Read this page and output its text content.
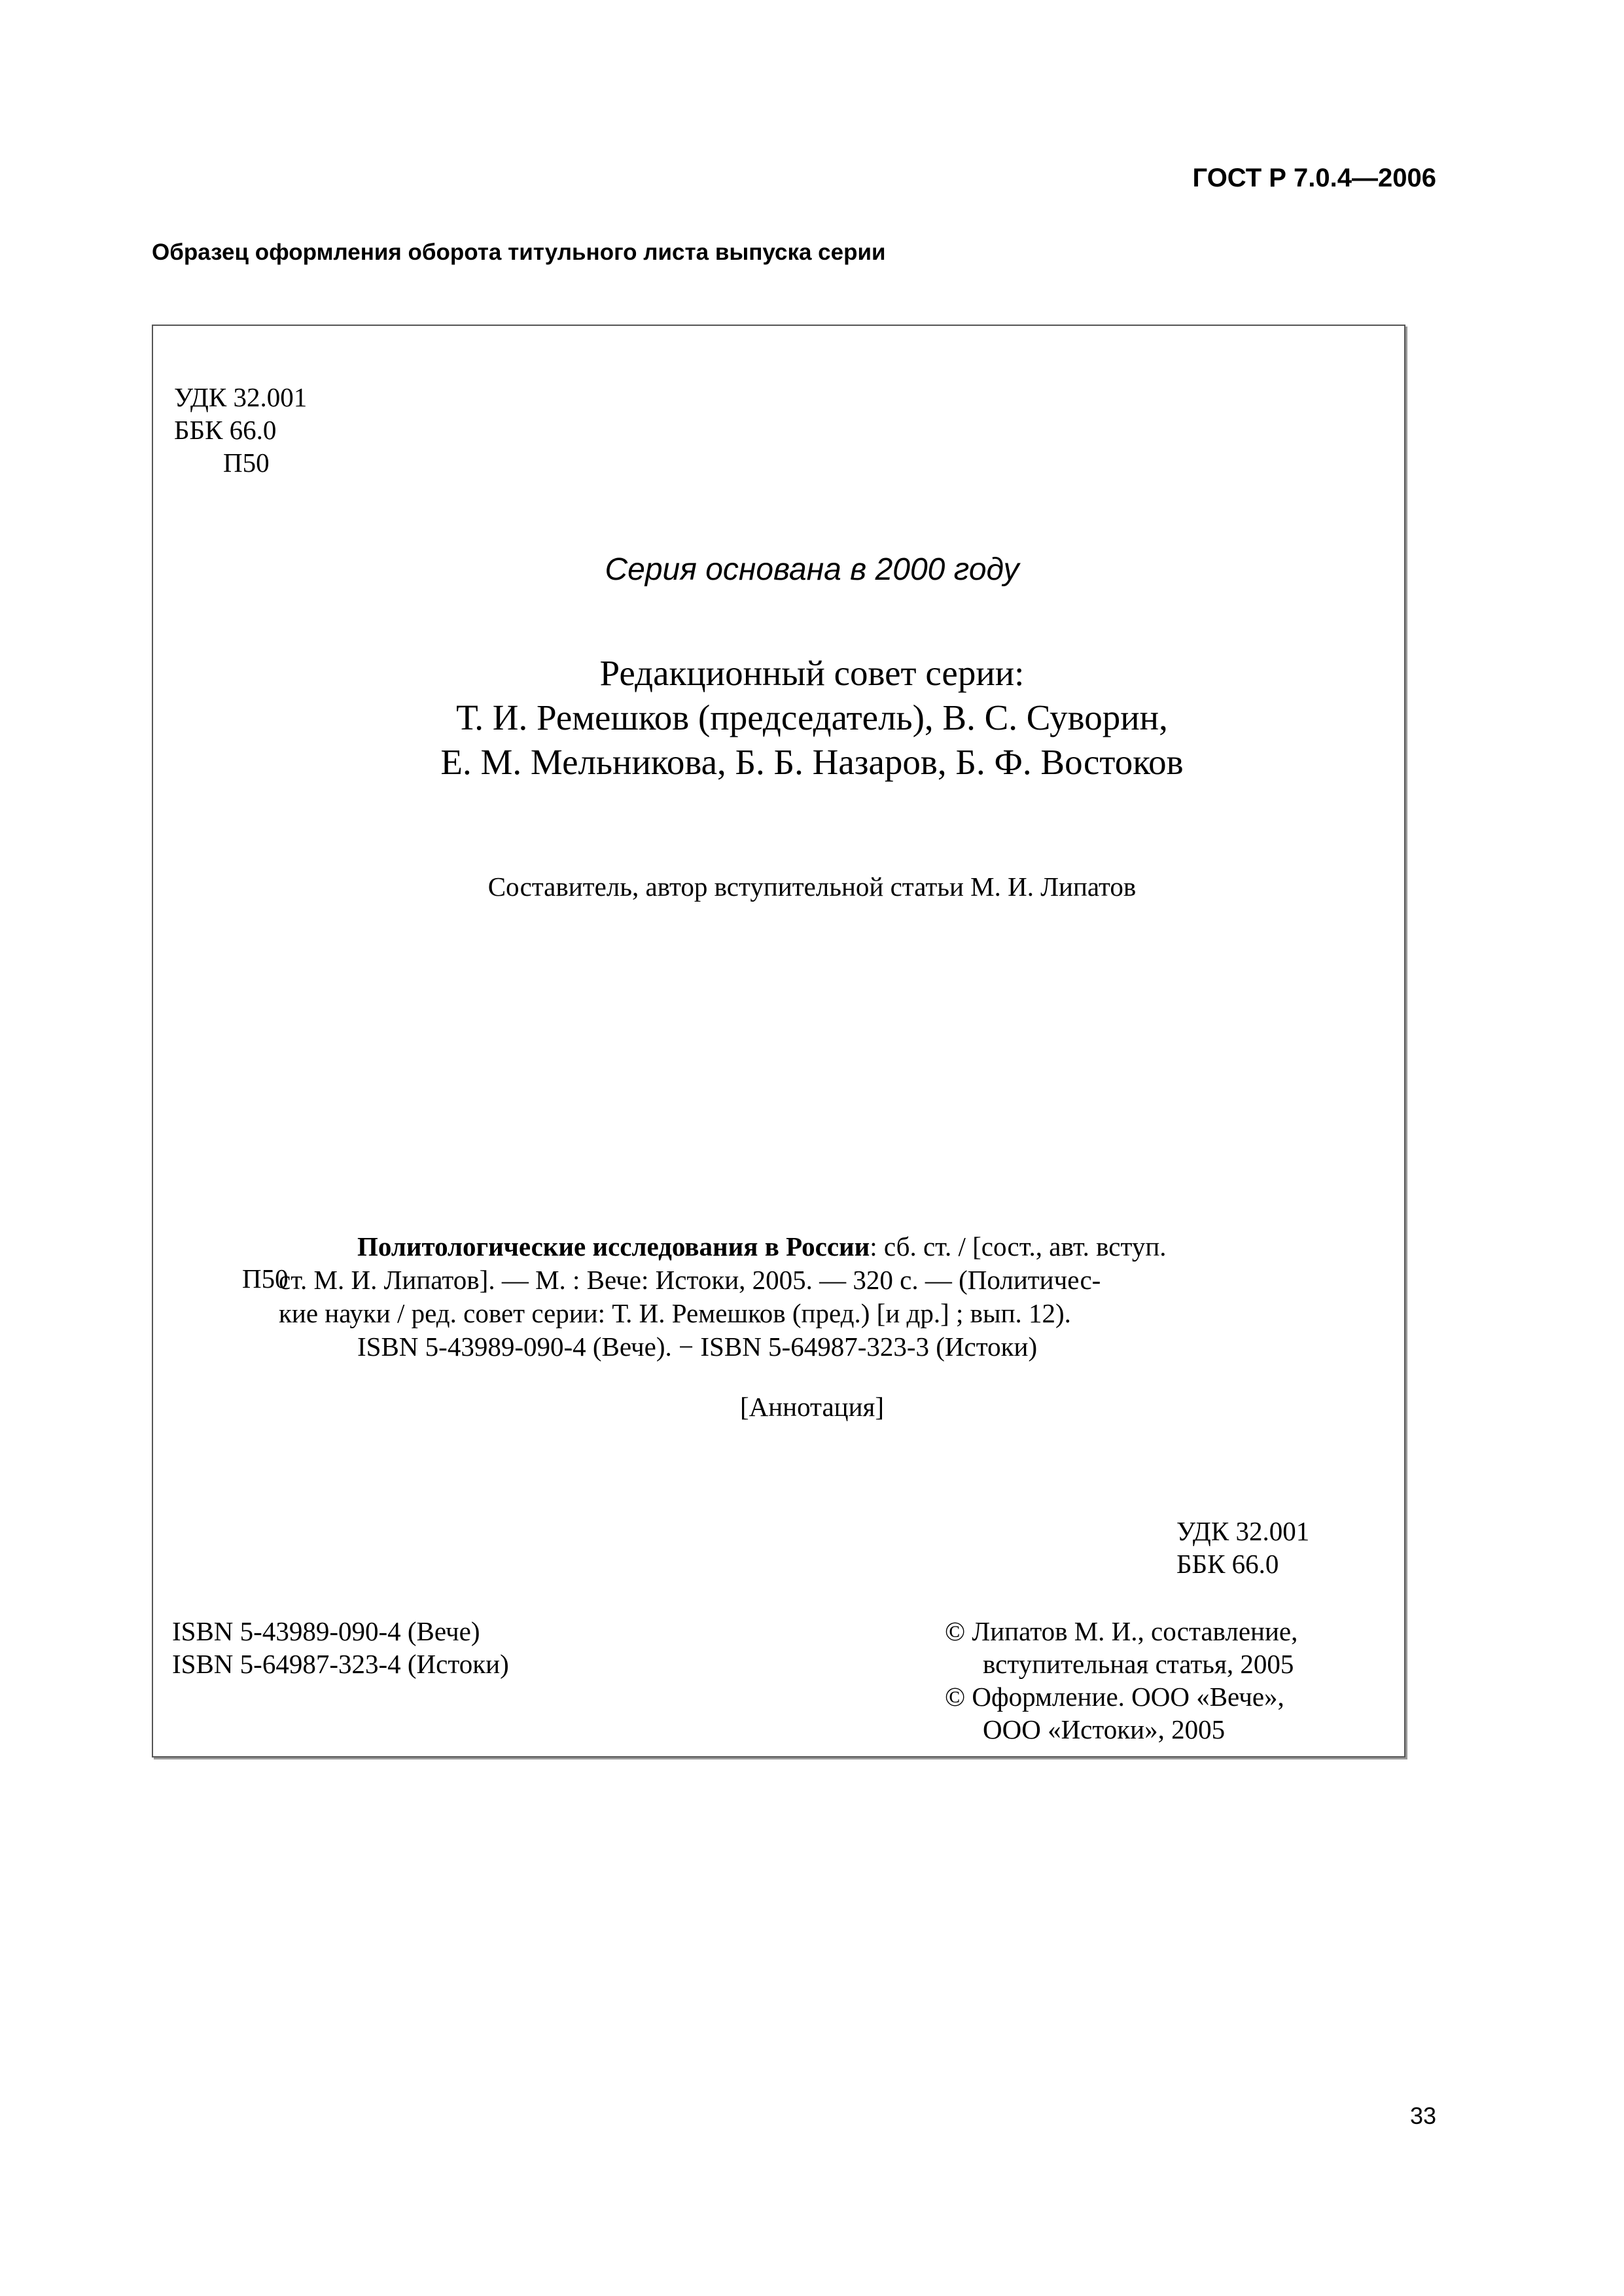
ГОСТ Р 7.0.4—2006
Образец оформления оборота титульного листа выпуска серии
УДК 32.001
ББК 66.0
П50
Серия основана в 2000 году
Редакционный совет серии:
Т. И. Ремешков (председатель), В. С. Суворин,
Е. М. Мельникова, Б. Б. Назаров, Б. Ф. Востоков
Составитель, автор вступительной статьи М. И. Липатов
П50
Политологические исследования в России: сб. ст. / [сост., авт. вступ.
ст. М. И. Липатов]. — М. : Вече: Истоки, 2005. — 320 с. — (Политичес-
кие науки / ред. совет серии: Т. И. Ремешков (пред.) [и др.] ; вып. 12).
ISBN 5-43989-090-4 (Вече). − ISBN 5-64987-323-3 (Истоки)
[Аннотация]
УДК 32.001
ББК 66.0
ISBN 5-43989-090-4 (Вече)
ISBN 5-64987-323-4 (Истоки)
© Липатов М. И., составление,
вступительная статья, 2005
© Оформление. ООО «Вече»,
ООО «Истоки», 2005
33
